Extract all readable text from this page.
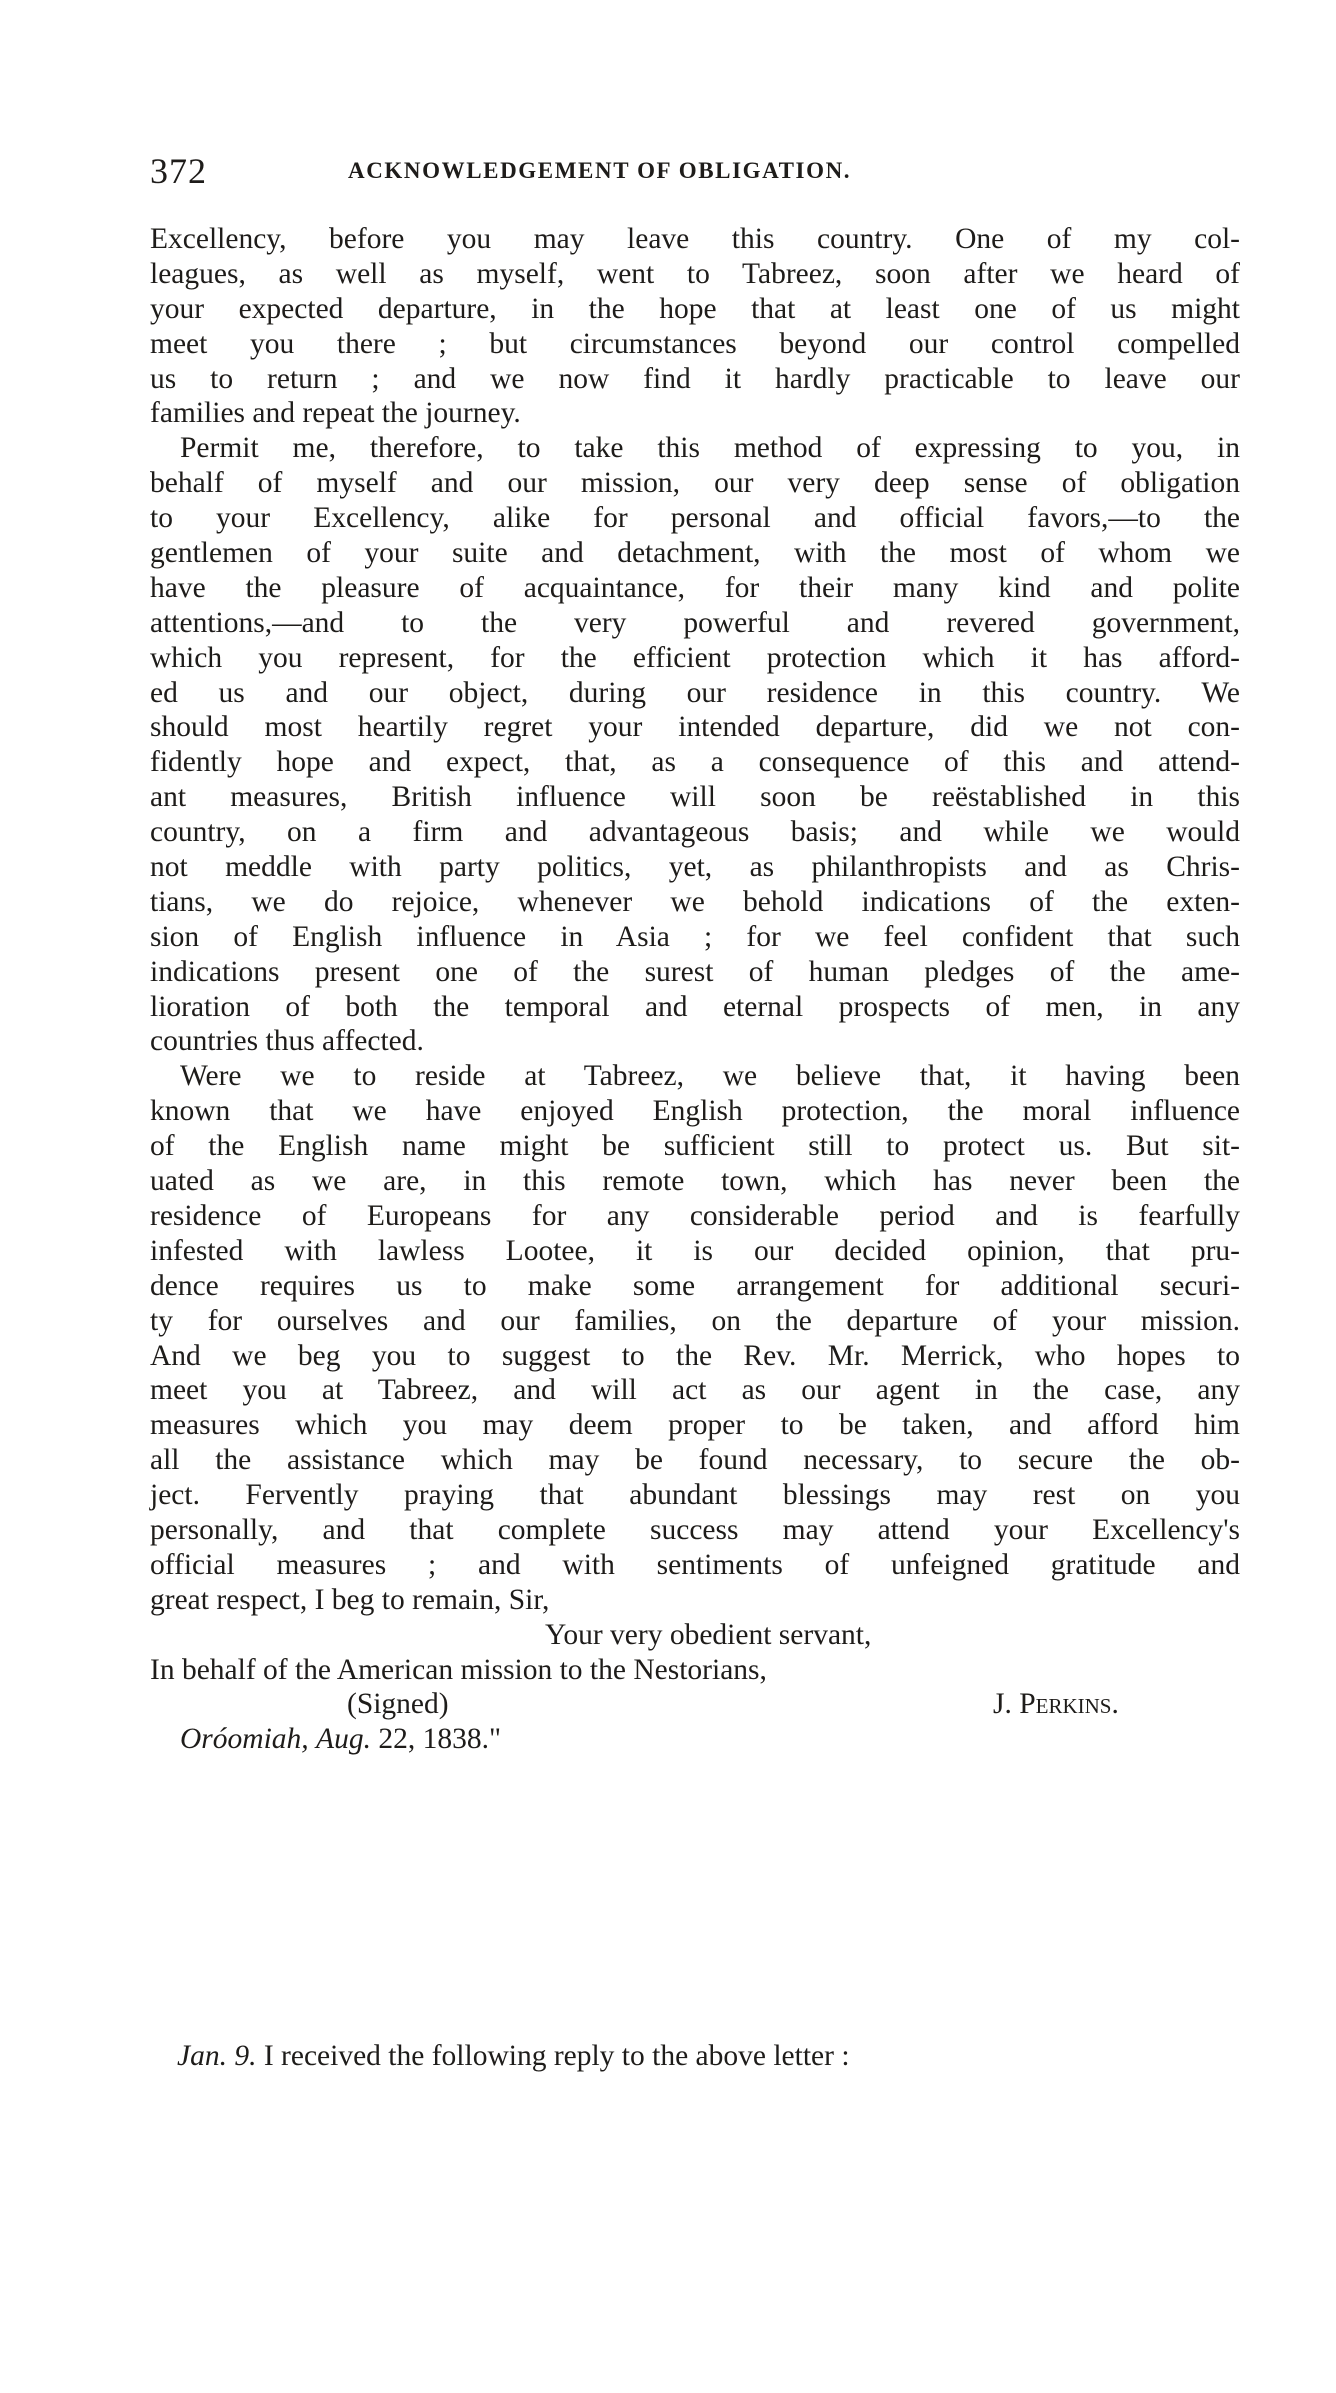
372	ACKNOWLEDGEMENT OF OBLIGATION.
Excellency, before you may leave this country. One of my col-
leagues, as well as myself, went to Tabreez, soon after we heard of
your expected departure, in the hope that at least one of us might
meet you there ; but circumstances beyond our control compelled
us to return ; and we now find it hardly practicable to leave our
families and repeat the journey.
Permit me, therefore, to take this method of expressing to you, in
behalf of myself and our mission, our very deep sense of obligation
to your Excellency, alike for personal and official favors,—to the
gentlemen of your suite and detachment, with the most of whom we
have the pleasure of acquaintance, for their many kind and polite
attentions,—and to the very powerful and revered government,
which you represent, for the efficient protection which it has afford-
ed us and our object, during our residence in this country. We
should most heartily regret your intended departure, did we not con-
fidently hope and expect, that, as a consequence of this and attend-
ant measures, British influence will soon be reëstablished in this
country, on a firm and advantageous basis; and while we would
not meddle with party politics, yet, as philanthropists and as Chris-
tians, we do rejoice, whenever we behold indications of the exten-
sion of English influence in Asia ; for we feel confident that such
indications present one of the surest of human pledges of the ame-
lioration of both the temporal and eternal prospects of men, in any
countries thus affected.
Were we to reside at Tabreez, we believe that, it having been
known that we have enjoyed English protection, the moral influence
of the English name might be sufficient still to protect us. But sit-
uated as we are, in this remote town, which has never been the
residence of Europeans for any considerable period and is fearfully
infested with lawless Lootee, it is our decided opinion, that pru-
dence requires us to make some arrangement for additional securi-
ty for ourselves and our families, on the departure of your mission.
And we beg you to suggest to the Rev. Mr. Merrick, who hopes to
meet you at Tabreez, and will act as our agent in the case, any
measures which you may deem proper to be taken, and afford him
all the assistance which may be found necessary, to secure the ob-
ject. Fervently praying that abundant blessings may rest on you
personally, and that complete success may attend your Excellency's
official measures ; and with sentiments of unfeigned gratitude and
great respect, I beg to remain, Sir,
Your very obedient servant,
In behalf of the American mission to the Nestorians,
(Signed)	J. Perkins.
Oróomiah, Aug. 22, 1838."
Jan. 9. I received the following reply to the above letter :
